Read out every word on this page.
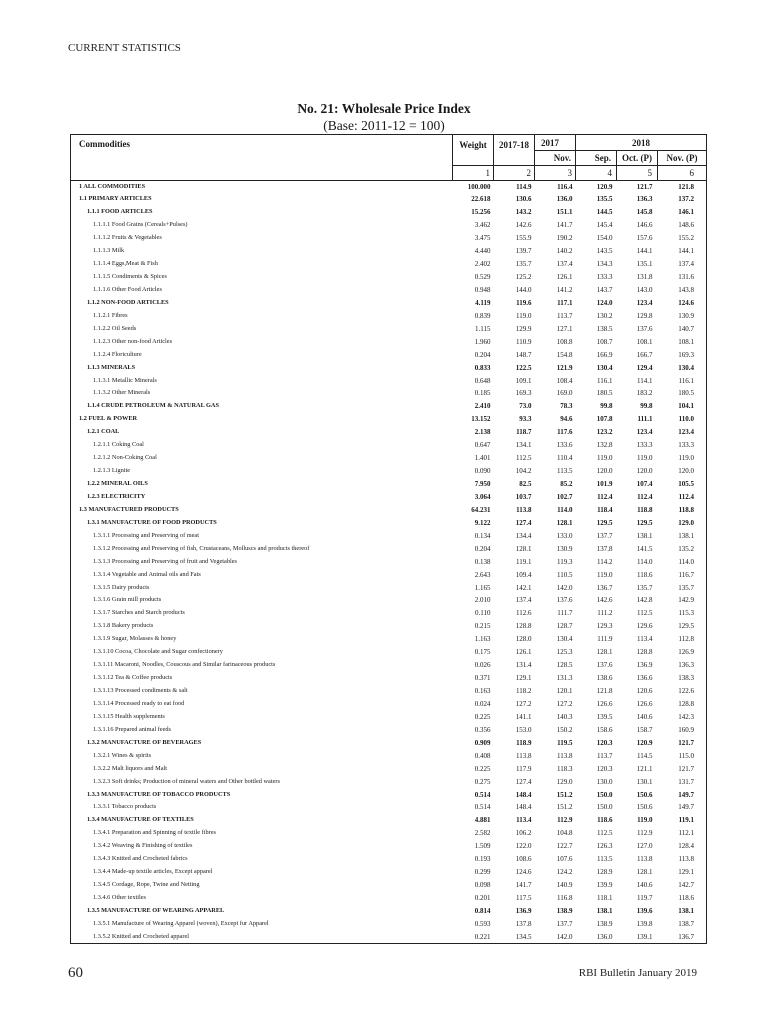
CURRENT STATISTICS
No. 21: Wholesale Price Index
(Base: 2011-12 = 100)
Commodities	Weight	2017-18	2017	2018		
			Nov.	Sep.	Oct. (P)	Nov. (P)
	1	2	3	4	5	6
1 ALL COMMODITIES	100.000	114.9	116.4	120.9	121.7	121.8
1.1 PRIMARY ARTICLES	22.618	130.6	136.0	135.5	136.3	137.2
1.1.1 FOOD ARTICLES	15.256	143.2	151.1	144.5	145.8	146.1
1.1.1.1 Food Grains (Cereals+Pulses)	3.462	142.6	141.7	145.4	146.6	148.6
1.1.1.2 Fruits & Vegetables	3.475	155.9	190.2	154.0	157.6	155.2
1.1.1.3 Milk	4.440	139.7	140.2	143.5	144.1	144.1
1.1.1.4 Eggs,Meat & Fish	2.402	135.7	137.4	134.3	135.1	137.4
1.1.1.5 Condiments & Spices	0.529	125.2	126.1	133.3	131.8	131.6
1.1.1.6 Other Food Articles	0.948	144.0	141.2	143.7	143.0	143.8
1.1.2 NON-FOOD ARTICLES	4.119	119.6	117.1	124.0	123.4	124.6
1.1.2.1 Fibres	0.839	119.0	113.7	130.2	129.8	130.9
1.1.2.2 Oil Seeds	1.115	129.9	127.1	138.5	137.6	140.7
1.1.2.3 Other non-food Articles	1.960	110.9	108.8	108.7	108.1	108.1
1.1.2.4 Floriculture	0.204	148.7	154.8	166.9	166.7	169.3
1.1.3 MINERALS	0.833	122.5	121.9	130.4	129.4	130.4
1.1.3.1 Metallic Minerals	0.648	109.1	108.4	116.1	114.1	116.1
1.1.3.2 Other Minerals	0.185	169.3	169.0	180.5	183.2	180.5
1.1.4 CRUDE PETROLEUM & NATURAL GAS	2.410	73.0	78.3	99.8	99.8	104.1
1.2 FUEL & POWER	13.152	93.3	94.6	107.8	111.1	110.0
1.2.1 COAL	2.138	118.7	117.6	123.2	123.4	123.4
1.2.1.1 Coking Coal	0.647	134.1	133.6	132.8	133.3	133.3
1.2.1.2 Non-Coking Coal	1.401	112.5	110.4	119.0	119.0	119.0
1.2.1.3 Lignite	0.090	104.2	113.5	120.0	120.0	120.0
1.2.2 MINERAL OILS	7.950	82.5	85.2	101.9	107.4	105.5
1.2.3 ELECTRICITY	3.064	103.7	102.7	112.4	112.4	112.4
1.3 MANUFACTURED PRODUCTS	64.231	113.8	114.0	118.4	118.8	118.8
1.3.1 MANUFACTURE OF FOOD PRODUCTS	9.122	127.4	128.1	129.5	129.5	129.0
1.3.1.1 Processing and Preserving of meat	0.134	134.4	133.0	137.7	138.1	138.1
1.3.1.2 Processing and Preserving of fish, Crustaceans, Molluscs and products thereof	0.204	128.1	130.9	137.8	141.5	135.2
1.3.1.3 Processing and Preserving of fruit and Vegetables	0.138	119.1	119.3	114.2	114.0	114.0
1.3.1.4 Vegetable and Animal oils and Fats	2.643	109.4	110.5	119.0	118.6	116.7
1.3.1.5 Dairy products	1.165	142.1	142.0	136.7	135.7	135.7
1.3.1.6 Grain mill products	2.010	137.4	137.6	142.6	142.8	142.9
1.3.1.7 Starches and Starch products	0.110	112.6	111.7	111.2	112.5	115.3
1.3.1.8 Bakery products	0.215	128.8	128.7	129.3	129.6	129.5
1.3.1.9 Sugar, Molasses & honey	1.163	128.0	130.4	111.9	113.4	112.8
1.3.1.10 Cocoa, Chocolate and Sugar confectionery	0.175	126.1	125.3	128.1	128.8	126.9
1.3.1.11 Macaroni, Noodles, Couscous and Similar farinaceous products	0.026	131.4	128.5	137.6	136.9	136.3
1.3.1.12 Tea & Coffee products	0.371	129.1	131.3	138.6	136.6	138.3
1.3.1.13 Processed condiments & salt	0.163	118.2	120.1	121.8	120.6	122.6
1.3.1.14 Processed ready to eat food	0.024	127.2	127.2	126.6	126.6	128.8
1.3.1.15 Health supplements	0.225	141.1	140.3	139.5	140.6	142.3
1.3.1.16 Prepared animal feeds	0.356	153.0	150.2	158.6	158.7	160.9
1.3.2 MANUFACTURE OF BEVERAGES	0.909	118.9	119.5	120.3	120.9	121.7
1.3.2.1 Wines & spirits	0.408	113.8	113.8	113.7	114.5	115.0
1.3.2.2 Malt liquors and Malt	0.225	117.9	118.3	120.3	121.1	121.7
1.3.2.3 Soft drinks; Production of mineral waters and Other bottled waters	0.275	127.4	129.0	130.0	130.1	131.7
1.3.3 MANUFACTURE OF TOBACCO PRODUCTS	0.514	148.4	151.2	150.0	150.6	149.7
1.3.3.1 Tobacco products	0.514	148.4	151.2	150.0	150.6	149.7
1.3.4 MANUFACTURE OF TEXTILES	4.881	113.4	112.9	118.6	119.0	119.1
1.3.4.1 Preparation and Spinning of textile fibres	2.582	106.2	104.8	112.5	112.9	112.1
1.3.4.2 Weaving & Finishing of textiles	1.509	122.0	122.7	126.3	127.0	128.4
1.3.4.3 Knitted and Crocheted fabrics	0.193	108.6	107.6	113.5	113.8	113.8
1.3.4.4 Made-up textile articles, Except apparel	0.299	124.6	124.2	128.9	128.1	129.1
1.3.4.5 Cordage, Rope, Twine and Netting	0.098	141.7	140.9	139.9	140.6	142.7
1.3.4.6 Other textiles	0.201	117.5	116.8	118.1	119.7	118.6
1.3.5 MANUFACTURE OF WEARING APPAREL	0.814	136.9	138.9	138.1	139.6	138.1
1.3.5.1 Manufacture of Wearing Apparel (woven), Except fur Apparel	0.593	137.8	137.7	138.9	139.8	138.7
1.3.5.2 Knitted and Crocheted apparel	0.221	134.5	142.0	136.0	139.1	136.7
60	RBI Bulletin January 2019
